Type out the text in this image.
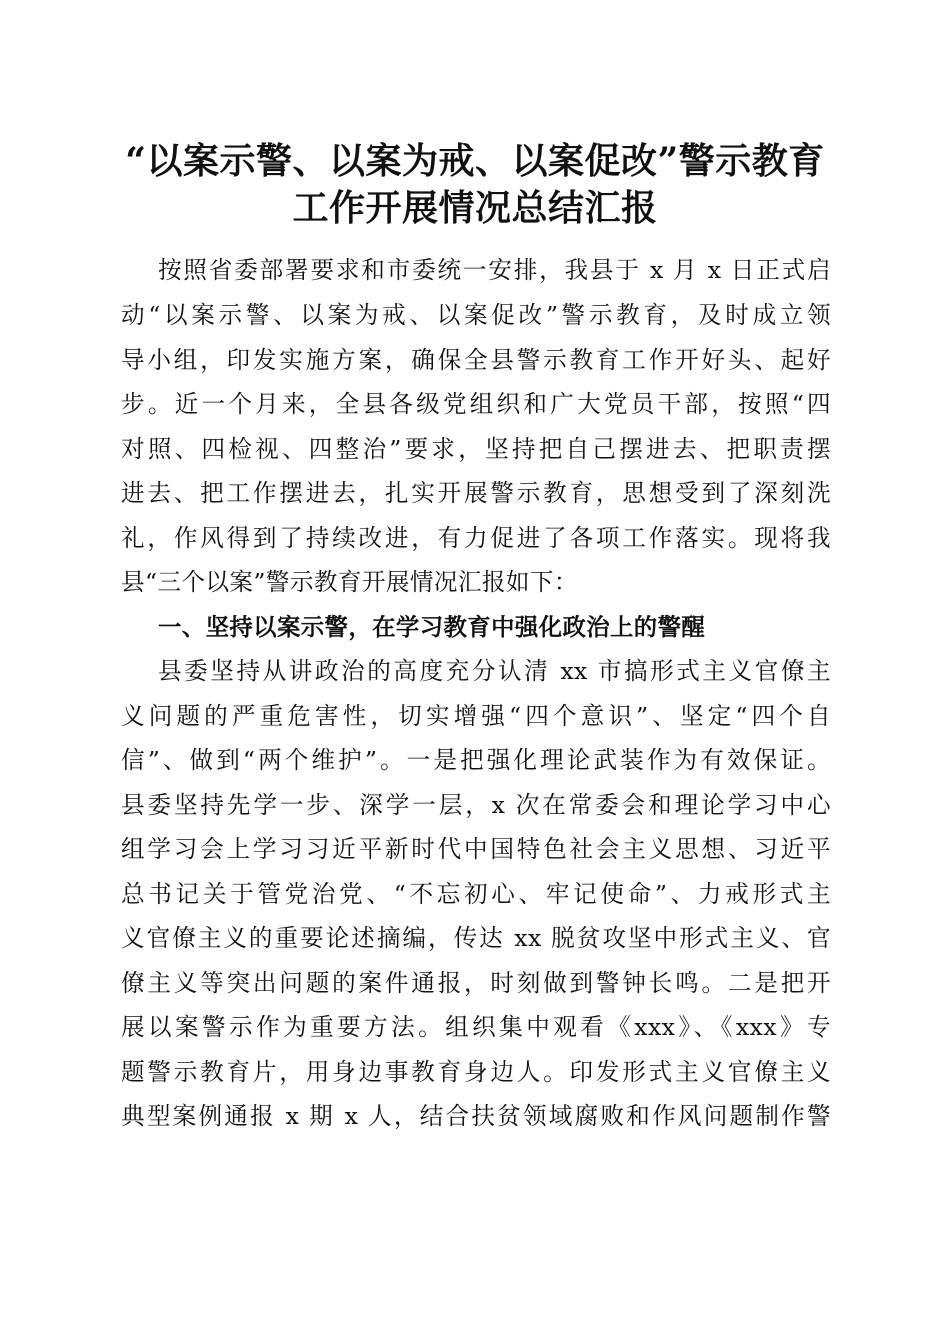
“以案示警、以案为戒、以案促改”警示教育
工作开展情况总结汇报
按照省委部署要求和市委统一安排，我县于 x 月 x 日正式启
动“以案示警、以案为戒、以案促改”警示教育，及时成立领
导小组，印发实施方案，确保全县警示教育工作开好头、起好
步。近一个月来，全县各级党组织和广大党员干部，按照“四
对照、四检视、四整治”要求，坚持把自己摆进去、把职责摆
进去、把工作摆进去，扎实开展警示教育，思想受到了深刻洗
礼，作风得到了持续改进，有力促进了各项工作落实。现将我
县“三个以案”警示教育开展情况汇报如下：
一、坚持以案示警，在学习教育中强化政治上的警醒
县委坚持从讲政治的高度充分认清 xx 市搞形式主义官僚主
义问题的严重危害性，切实增强“四个意识”、坚定“四个自
信”、做到“两个维护”。一是把强化理论武装作为有效保证。
县委坚持先学一步、深学一层，x 次在常委会和理论学习中心
组学习会上学习习近平新时代中国特色社会主义思想、习近平
总书记关于管党治党、“不忘初心、牢记使命”、力戒形式主
义官僚主义的重要论述摘编，传达 xx 脱贫攻坚中形式主义、官
僚主义等突出问题的案件通报，时刻做到警钟长鸣。二是把开
展以案警示作为重要方法。组织集中观看《xxx》、《xxx》专
题警示教育片，用身边事教育身边人。印发形式主义官僚主义
典型案例通报 x 期 x 人，结合扶贫领域腐败和作风问题制作警
